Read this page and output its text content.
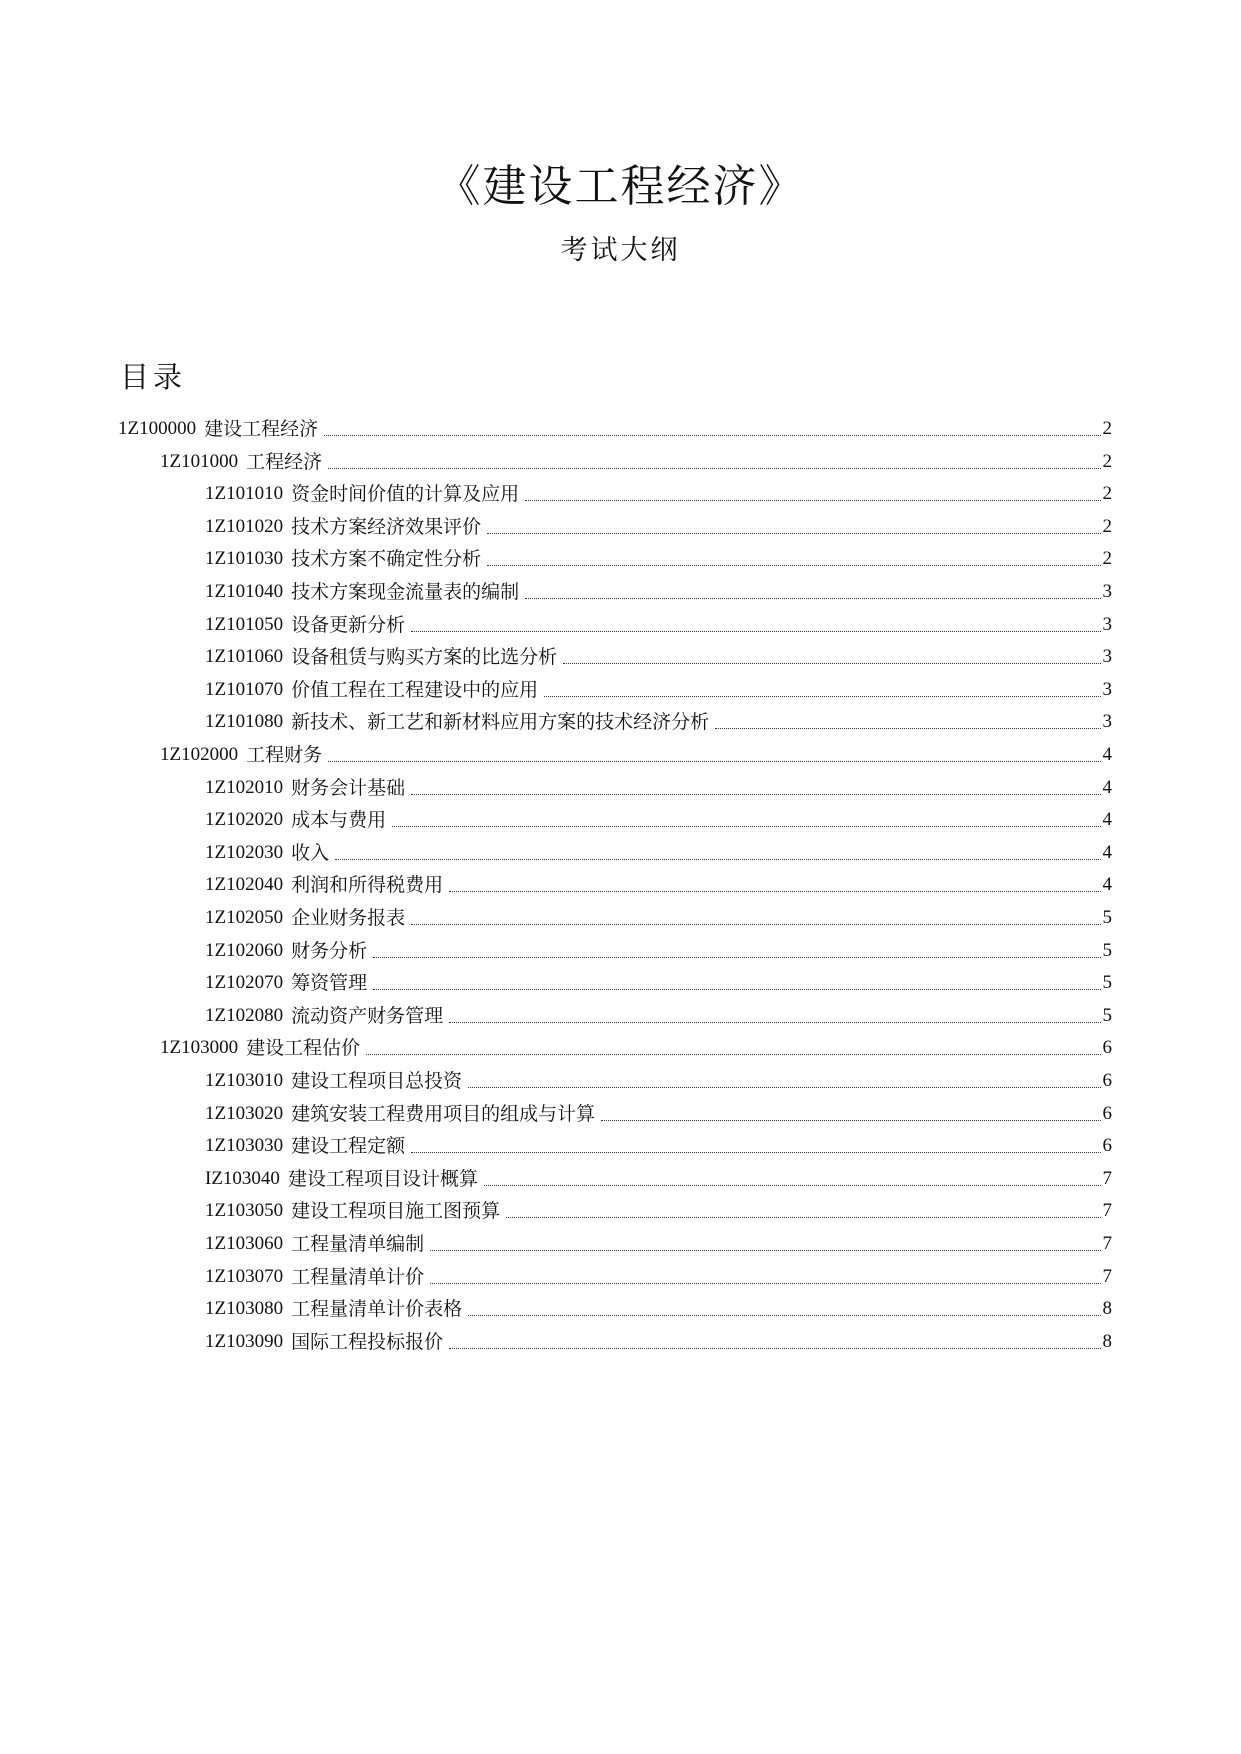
《建设工程经济》
考试大纲
目录
1Z100000 建设工程经济	2
1Z101000 工程经济	2
1Z101010 资金时间价值的计算及应用	2
1Z101020 技术方案经济效果评价	2
1Z101030 技术方案不确定性分析	2
1Z101040 技术方案现金流量表的编制	3
1Z101050 设备更新分析	3
1Z101060 设备租赁与购买方案的比选分析	3
1Z101070 价值工程在工程建设中的应用	3
1Z101080 新技术、新工艺和新材料应用方案的技术经济分析	3
1Z102000 工程财务	4
1Z102010 财务会计基础	4
1Z102020 成本与费用	4
1Z102030 收入	4
1Z102040 利润和所得税费用	4
1Z102050 企业财务报表	5
1Z102060 财务分析	5
1Z102070 筹资管理	5
1Z102080 流动资产财务管理	5
1Z103000 建设工程估价	6
1Z103010 建设工程项目总投资	6
1Z103020 建筑安装工程费用项目的组成与计算	6
1Z103030 建设工程定额	6
IZ103040 建设工程项目设计概算	7
1Z103050 建设工程项目施工图预算	7
1Z103060 工程量清单编制	7
1Z103070 工程量清单计价	7
1Z103080 工程量清单计价表格	8
1Z103090 国际工程投标报价	8
